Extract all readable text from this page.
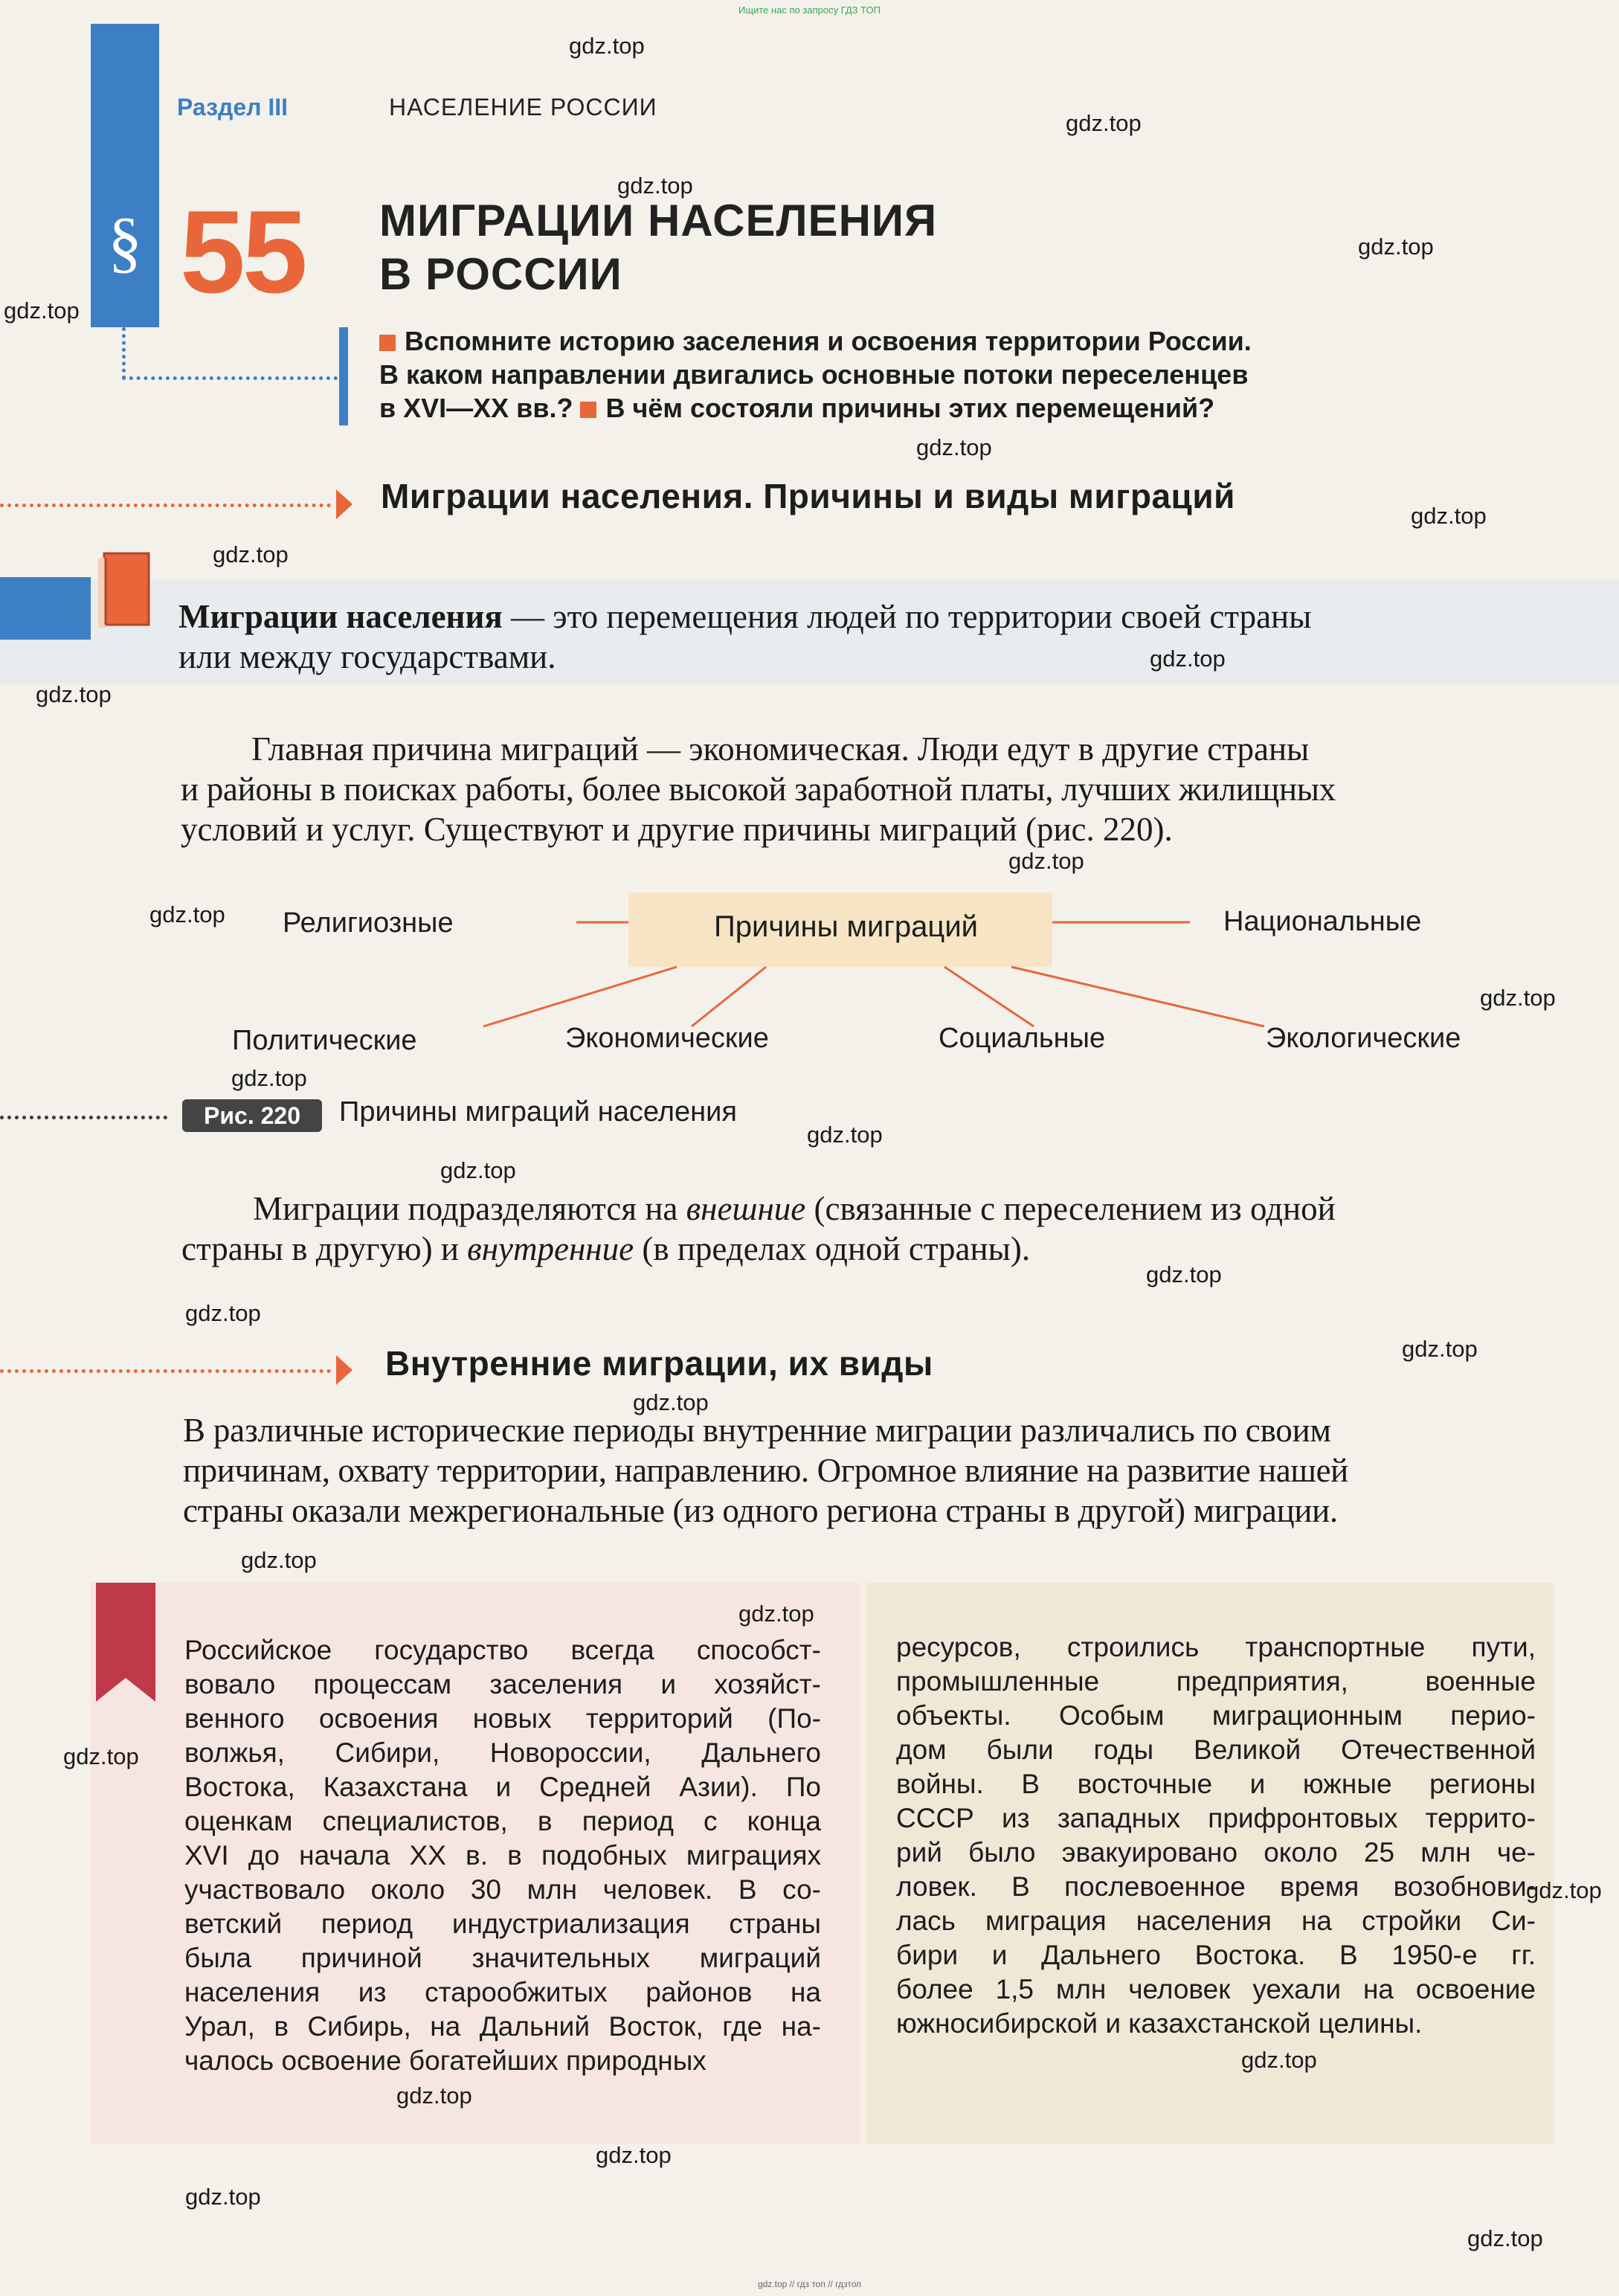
Ищите нас по запросу ГДЗ ТОП
§
Раздел III	НАСЕЛЕНИЕ РОССИИ
55 МИГРАЦИИ НАСЕЛЕНИЯ
В РОССИИ
Вспомните историю заселения и освоения территории России.
В каком направлении двигались основные потоки переселенцев
в XVI—XX вв.? В чём состояли причины этих перемещений?
Миграции населения. Причины и виды миграций
Миграции населения — это перемещения людей по территории своей страны
или между государствами.
Главная причина миграций — экономическая. Люди едут в другие страны
и районы в поисках работы, более высокой заработной платы, лучших жилищных
условий и услуг. Существуют и другие причины миграций (рис. 220).
Причины миграций
Религиозные	Национальные
Политические	Экономические	Социальные	Экологические
Рис. 220	Причины миграций населения
Миграции подразделяются на внешние (связанные с переселением из одной
страны в другую) и внутренние (в пределах одной страны).
Внутренние миграции, их виды
В различные исторические периоды внутренние миграции различались по своим
причинам, охвату территории, направлению. Огромное влияние на развитие нашей
страны оказали межрегиональные (из одного региона страны в другой) миграции.
Российское государство всегда способст-
вовало процессам заселения и хозяйст-
венного освоения новых территорий (По-
волжья, Сибири, Новороссии, Дальнего
Востока, Казахстана и Средней Азии). По
оценкам специалистов, в период с конца
XVI до начала XX в. в подобных миграциях
участвовало около 30 млн человек. В со-
ветский период индустриализация страны
была причиной значительных миграций
населения из старообжитых районов на
Урал, в Сибирь, на Дальний Восток, где на-
чалось освоение богатейших природных
ресурсов, строились транспортные пути,
промышленные предприятия, военные
объекты. Особым миграционным перио-
дом были годы Великой Отечественной
войны. В восточные и южные регионы
СССР из западных прифронтовых террито-
рий было эвакуировано около 25 млн че-
ловек. В послевоенное время возобнови-
лась миграция населения на стройки Си-
бири и Дальнего Востока. В 1950-е гг.
более 1,5 млн человек уехали на освоение
южносибирской и казахстанской целины.
gdz.top
gdz.top
gdz.top
gdz.top
gdz.top
gdz.top
gdz.top
gdz.top
gdz.top
gdz.top
gdz.top
gdz.top
gdz.top
gdz.top
gdz.top
gdz.top
gdz.top
gdz.top
gdz.top
gdz.top
gdz.top
gdz.top
gdz.top
gdz.top
gdz.top
gdz.top
gdz.top
gdz.top
gdz.top
gdz.top // гдз топ // гдзтоп
